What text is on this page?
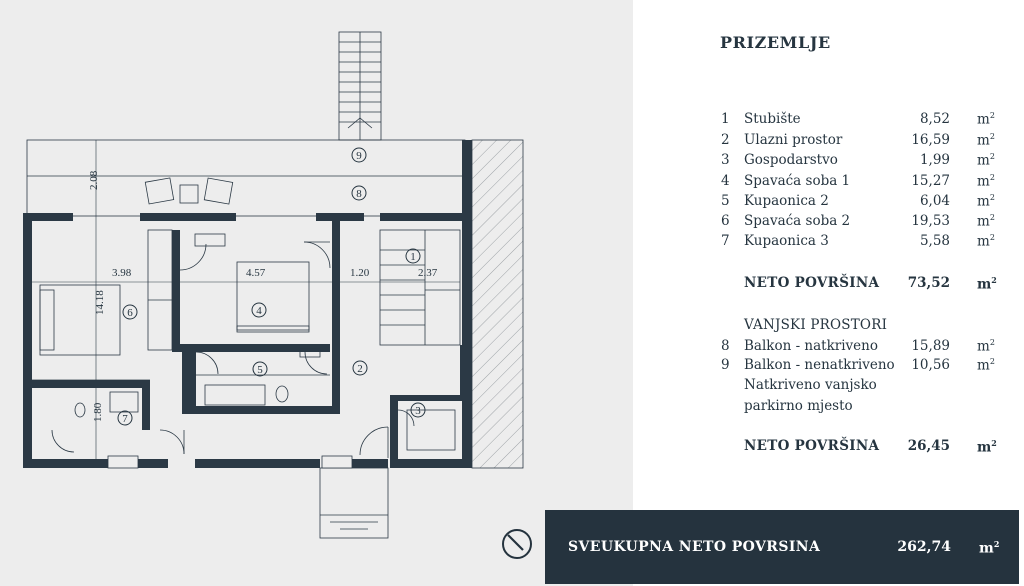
2.08
3.98	4.57	1.20	2.37
14.18
1.80
1
2
3
4
5
6
7
8
9
PRIZEMLJE
1 Stubište	8,52 $m^2$
2 Ulazni prostor	16,59 $m^2$
3 Gospodarstvo	1,99 $m^2$
4 Spavaća soba 1	15,27 $m^2$
5 Kupaonica 2	6,04 $m^2$
6 Spavaća soba 2	19,53 $m^2$
7 Kupaonica 3	5,58 $m^2$
NETO POVRŠINA 73,52 $m^2$
VANJSKI PROSTORI
8 Balkon - natkriveno 15,89 $m^2$
9 Balkon - nenatkriveno 10,56 $m^2$
Natkriveno vanjsko
parkirno mjesto
NETO POVRŠINA 26,45 $m^2$
SVEUKUPNA NETO POVRSINA	262,74 $m^2$
